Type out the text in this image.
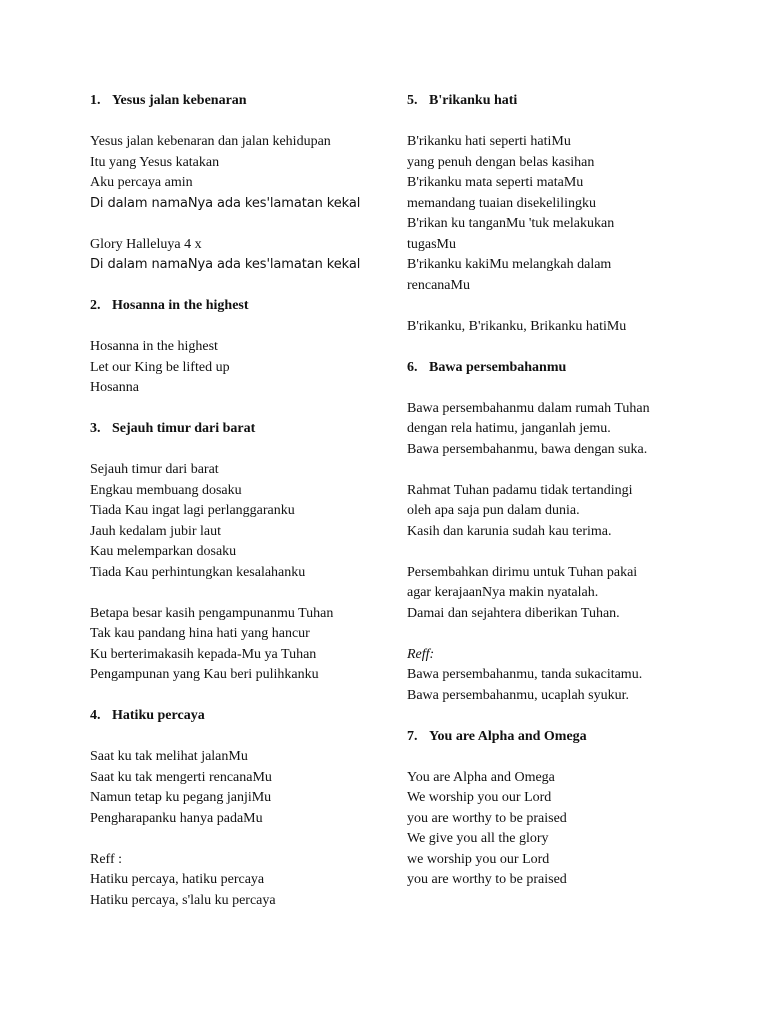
1. Yesus jalan kebenaran

Yesus jalan kebenaran dan jalan kehidupan

Itu yang Yesus katakan

Aku percaya amin

Di dalam namaNya ada kes'lamatan kekal

Glory Halleluya 4 x

Di dalam namaNya ada kes'lamatan kekal

2. Hosanna in the highest

Hosanna in the highest

Let our King be lifted up

Hosanna

3. Sejauh timur dari barat

Sejauh timur dari barat

Engkau membuang dosaku

Tiada Kau ingat lagi perlanggaranku

Jauh kedalam jubir laut

Kau melemparkan dosaku

Tiada Kau perhintungkan kesalahanku

Betapa besar kasih pengampunanmu Tuhan

Tak kau pandang hina hati yang hancur

Ku berterimakasih kepada-Mu ya Tuhan

Pengampunan yang Kau beri pulihkanku

4. Hatiku percaya

Saat ku tak melihat jalanMu

Saat ku tak mengerti rencanaMu

Namun tetap ku pegang janjiMu

Pengharapanku hanya padaMu

Reff :

Hatiku percaya, hatiku percaya

Hatiku percaya, s'lalu ku percaya

5. B'rikanku hati

B'rikanku hati seperti hatiMu

yang penuh dengan belas kasihan

B'rikanku mata seperti mataMu

memandang tuaian disekelilingku

B'rikan ku tanganMu 'tuk melakukan tugasMu

B'rikanku kakiMu melangkah dalam rencanaMu

B'rikanku, B'rikanku, Brikanku hatiMu

6. Bawa persembahanmu

Bawa persembahanmu dalam rumah Tuhan

dengan rela hatimu, janganlah jemu.

Bawa persembahanmu, bawa dengan suka.

Rahmat Tuhan padamu tidak tertandingi

oleh apa saja pun dalam dunia.

Kasih dan karunia sudah kau terima.

Persembahkan dirimu untuk Tuhan pakai

agar kerajaanNya makin nyatalah.

Damai dan sejahtera diberikan Tuhan.

Reff:

Bawa persembahanmu, tanda sukacitamu.

Bawa persembahanmu, ucaplah syukur.

7. You are Alpha and Omega

You are Alpha and Omega

We worship you our Lord

you are worthy to be praised

We give you all the glory

we worship you our Lord

you are worthy to be praised
